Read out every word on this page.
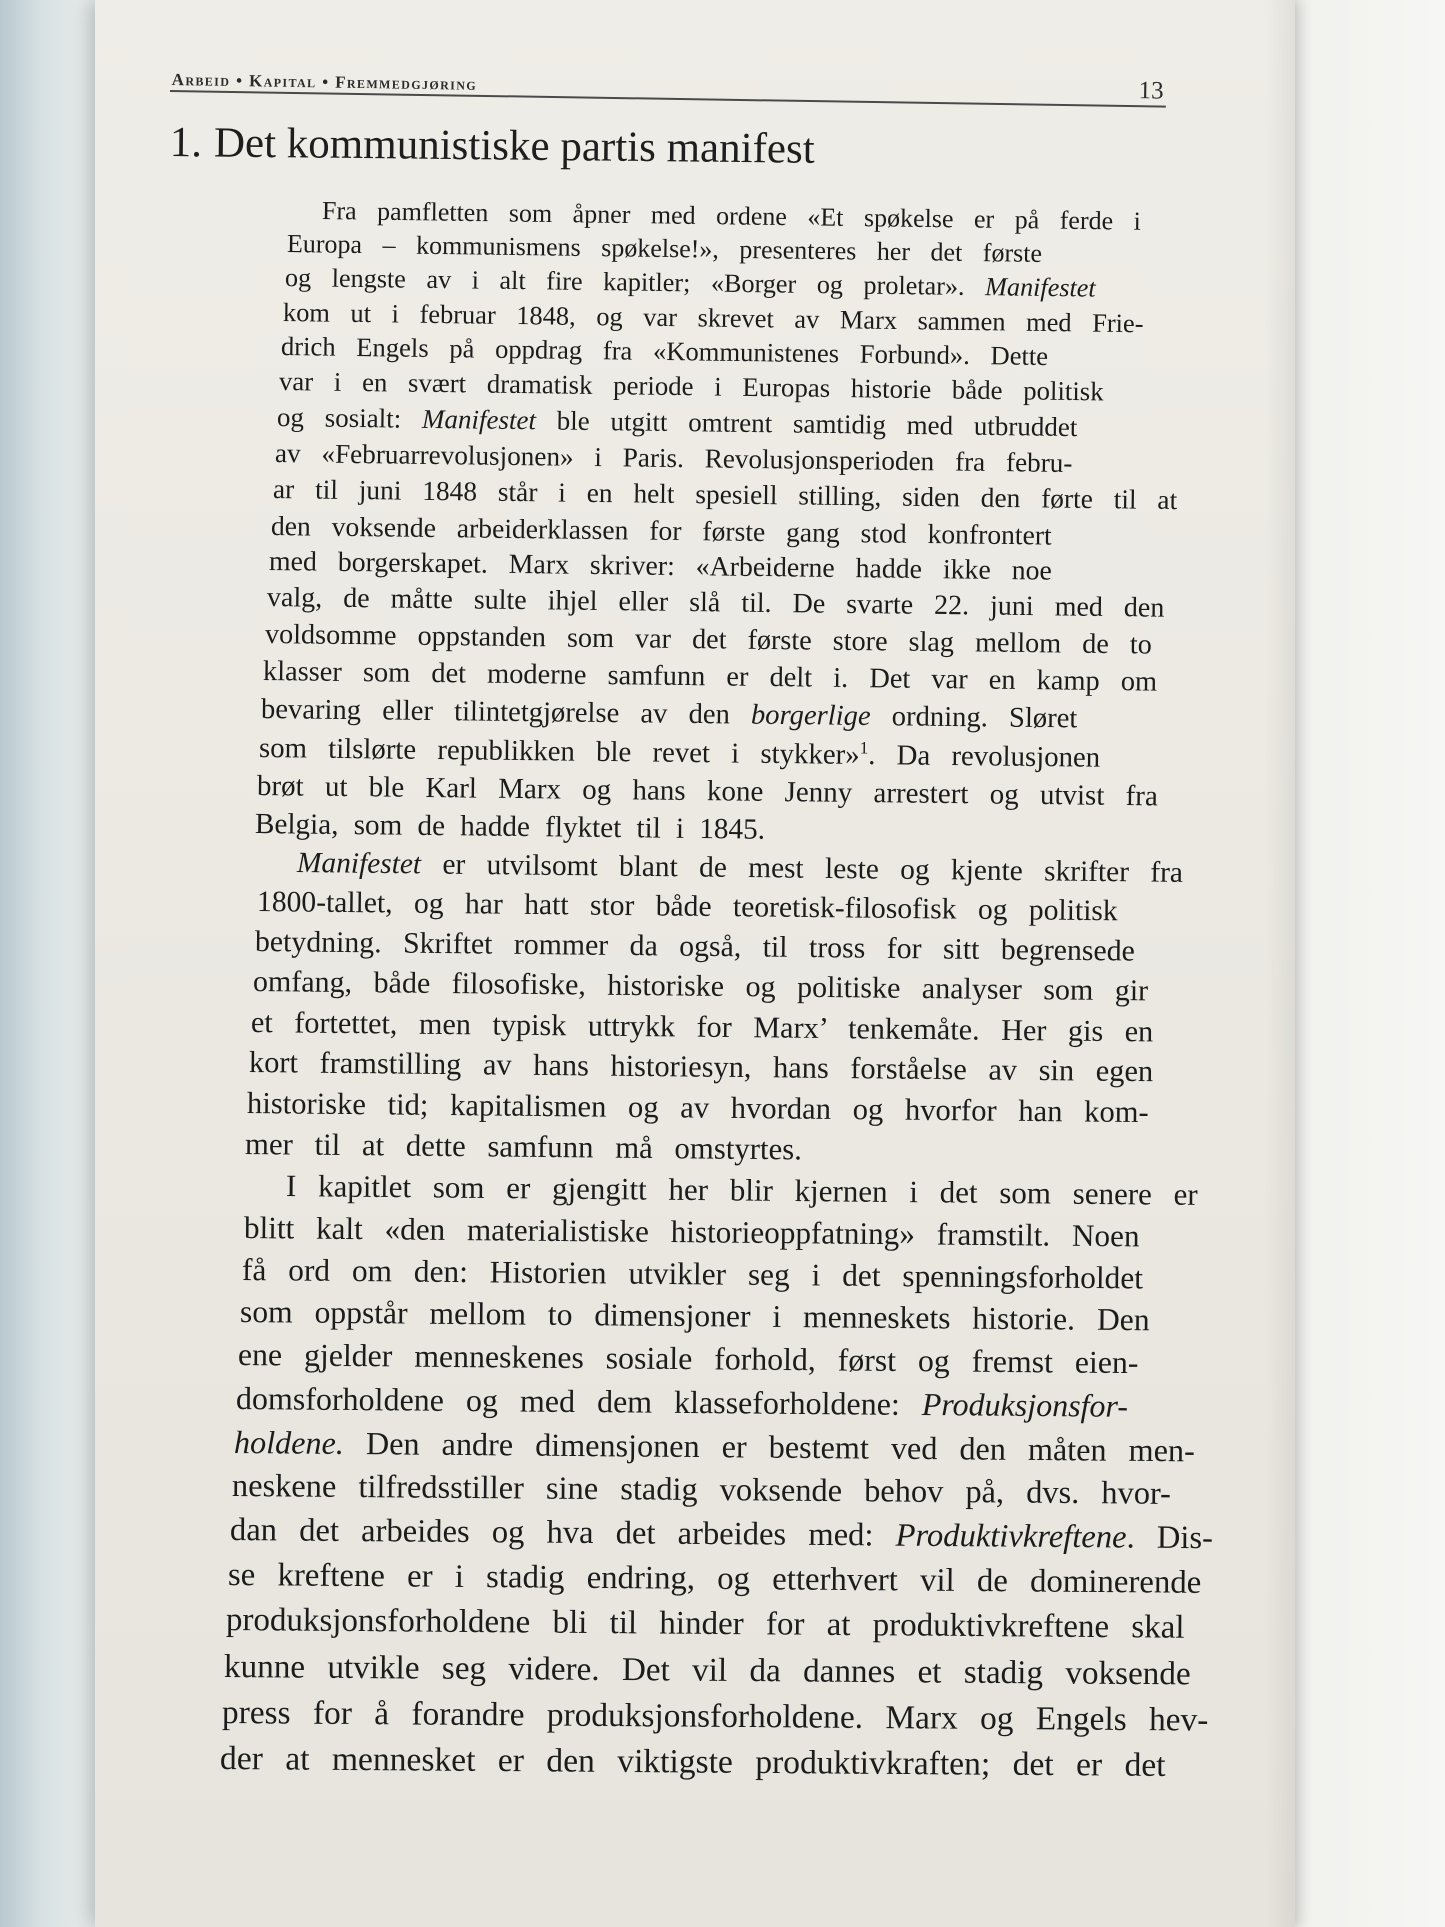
Arbeid • Kapital • Fremmedgjøring	13
1. Det kommunistiske partis manifest

Fra pamfletten som åpner med ordene «Et spøkelse er på ferde i

Europa – kommunismens spøkelse!», presenteres her det første

og lengste av i alt fire kapitler; «Borger og proletar». Manifestet

kom ut i februar 1848, og var skrevet av Marx sammen med Frie-

drich Engels på oppdrag fra «Kommunistenes Forbund». Dette

var i en svært dramatisk periode i Europas historie både politisk

og sosialt: Manifestet ble utgitt omtrent samtidig med utbruddet

av «Februarrevolusjonen» i Paris. Revolusjonsperioden fra febru-

ar til juni 1848 står i en helt spesiell stilling, siden den førte til at

den voksende arbeiderklassen for første gang stod konfrontert

med borgerskapet. Marx skriver: «Arbeiderne hadde ikke noe

valg, de måtte sulte ihjel eller slå til. De svarte 22. juni med den

voldsomme oppstanden som var det første store slag mellom de to

klasser som det moderne samfunn er delt i. Det var en kamp om

bevaring eller tilintetgjørelse av den borgerlige ordning. Sløret

som tilslørte republikken ble revet i stykker»$^1$. Da revolusjonen

brøt ut ble Karl Marx og hans kone Jenny arrestert og utvist fra

Belgia, som de hadde flyktet til i 1845.

Manifestet er utvilsomt blant de mest leste og kjente skrifter fra

1800-tallet, og har hatt stor både teoretisk-filosofisk og politisk

betydning. Skriftet rommer da også, til tross for sitt begrensede

omfang, både filosofiske, historiske og politiske analyser som gir

et fortettet, men typisk uttrykk for Marx’ tenkemåte. Her gis en

kort framstilling av hans historiesyn, hans forståelse av sin egen

historiske tid; kapitalismen og av hvordan og hvorfor han kom-

mer til at dette samfunn må omstyrtes.

I kapitlet som er gjengitt her blir kjernen i det som senere er

blitt kalt «den materialistiske historieoppfatning» framstilt. Noen

få ord om den: Historien utvikler seg i det spenningsforholdet

som oppstår mellom to dimensjoner i menneskets historie. Den

ene gjelder menneskenes sosiale forhold, først og fremst eien-

domsforholdene og med dem klasseforholdene: Produksjonsfor-

holdene. Den andre dimensjonen er bestemt ved den måten men-

neskene tilfredsstiller sine stadig voksende behov på, dvs. hvor-

dan det arbeides og hva det arbeides med: Produktivkreftene. Dis-

se kreftene er i stadig endring, og etterhvert vil de dominerende

produksjonsforholdene bli til hinder for at produktivkreftene skal

kunne utvikle seg videre. Det vil da dannes et stadig voksende

press for å forandre produksjonsforholdene. Marx og Engels hev-

der at mennesket er den viktigste produktivkraften; det er det
